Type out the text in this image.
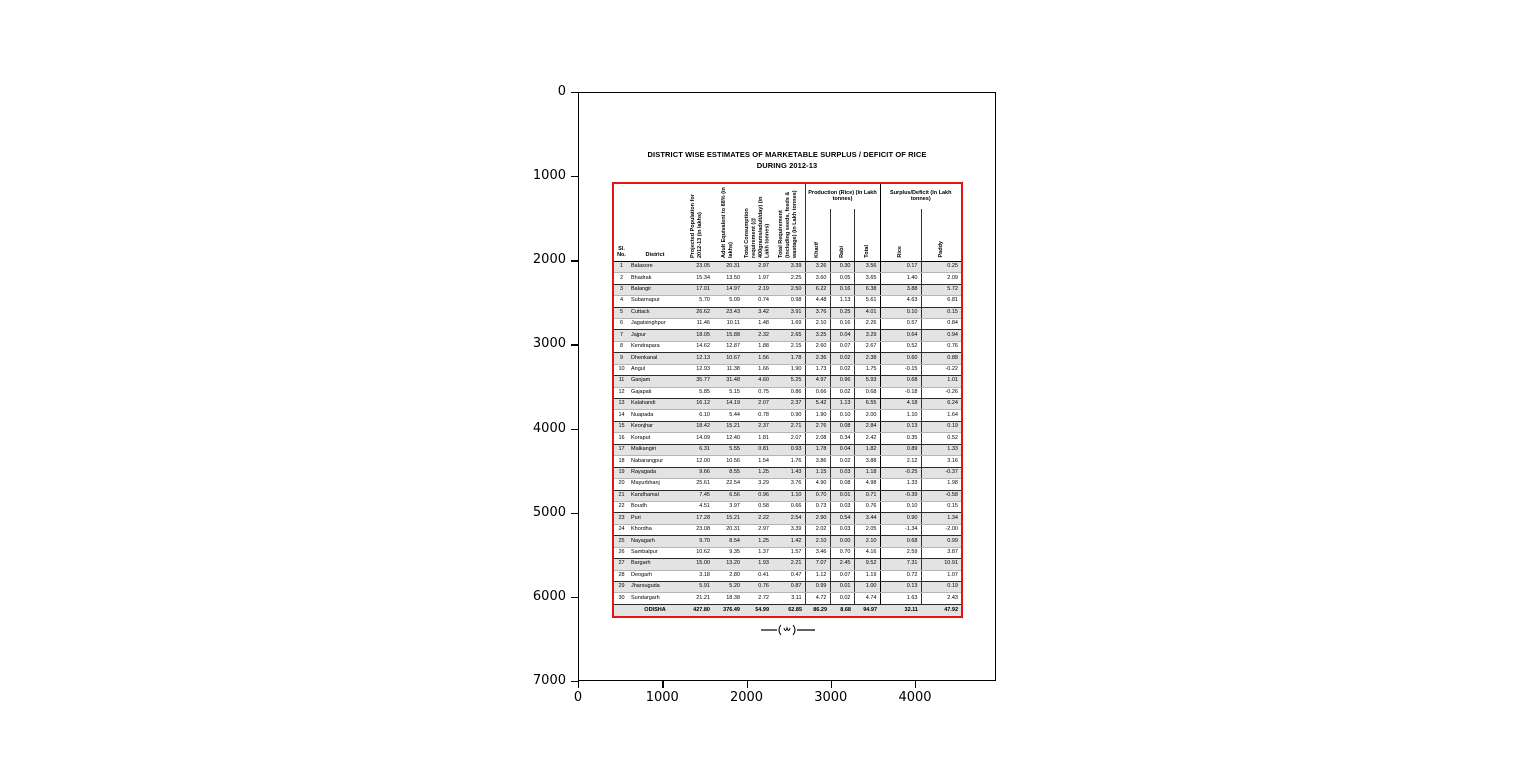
0
1000
2000
3000
4000
5000
6000
7000
0	1000	2000	3000	4000
DISTRICT WISE ESTIMATES OF MARKETABLE SURPLUS / DEFICIT OF RICE
DURING 2012-13
Sl. No.	District	Projected Population for 2012-13 (in lakhs)	Adult Equivalent to 88% (in lakhs)	Total Consumption requirement (@ 400grams/adult/day) (in Lakh tonnes)	Total Requirement (including seeds, feeds & wastage) (in Lakh tonnes)	Production (Rice) (In Lakh tonnes)			Surplus/Deficit (In Lakh tonnes)	
						Kharif	Rabi	Total	Rice	Paddy
1	Balasore	23.05	20.31	2.97	3.39	3.26	0.30	3.56	0.17	0.25
2	Bhadrak	15.34	13.50	1.97	2.25	3.60	0.05	3.65	1.40	2.09
3	Balangir	17.01	14.97	2.19	2.50	6.22	0.16	6.38	3.88	5.72
4	Subarnapur	5.70	5.09	0.74	0.98	4.48	1.13	5.61	4.63	6.81
5	Cuttack	26.62	23.43	3.42	3.91	3.76	0.25	4.01	0.10	0.15
6	Jagatsinghpur	11.46	10.11	1.48	1.69	2.10	0.16	2.26	0.57	0.84
7	Jajpur	18.05	15.88	2.32	2.65	3.25	0.04	3.29	0.64	0.94
8	Kendrapara	14.62	12.87	1.88	2.15	2.60	0.07	2.67	0.52	0.76
9	Dhenkanal	12.13	10.67	1.56	1.78	2.36	0.02	2.38	0.60	0.88
10	Angul	12.93	11.38	1.66	1.90	1.73	0.02	1.75	-0.15	-0.22
11	Ganjam	35.77	31.48	4.60	5.25	4.97	0.96	5.93	0.68	1.01
12	Gajapati	5.85	5.15	0.75	0.86	0.66	0.02	0.68	-0.18	-0.26
13	Kalahandi	16.12	14.19	2.07	2.37	5.42	1.13	6.55	4.18	6.24
14	Nuapada	6.10	5.44	0.78	0.90	1.90	0.10	2.00	1.10	1.64
15	Keonjhar	18.42	15.21	2.37	2.71	2.76	0.08	2.84	0.13	0.19
16	Koraput	14.09	12.40	1.81	2.07	2.08	0.34	2.42	0.35	0.52
17	Malkangiri	6.31	5.55	0.81	0.93	1.78	0.04	1.82	0.89	1.33
18	Nabarangpur	12.00	10.56	1.54	1.76	3.86	0.02	3.88	2.12	3.16
19	Rayagada	9.66	8.55	1.25	1.43	1.15	0.03	1.18	-0.25	-0.37
20	Mayurbhanj	25.61	22.54	3.29	3.76	4.90	0.08	4.98	1.33	1.98
21	Kandhamal	7.45	6.56	0.96	1.10	0.70	0.01	0.71	-0.39	-0.58
22	Boudh	4.51	3.97	0.58	0.66	0.73	0.03	0.76	0.10	0.15
23	Puri	17.28	15.21	2.22	2.54	2.90	0.54	3.44	0.90	1.34
24	Khordha	23.08	20.31	2.97	3.39	2.02	0.03	2.05	-1.34	-2.00
25	Nayagarh	9.70	8.54	1.25	1.42	2.10	0.00	2.10	0.68	0.99
26	Sambalpur	10.62	9.35	1.37	1.57	3.46	0.70	4.16	2.59	3.87
27	Bargarh	15.00	13.20	1.93	2.21	7.07	2.45	9.52	7.31	10.91
28	Deogarh	3.18	2.80	0.41	0.47	1.12	0.07	1.19	0.72	1.07
29	Jharsuguda	5.91	5.20	0.76	0.87	0.99	0.01	1.00	0.13	0.19
30	Sundargarh	21.21	18.38	2.72	3.11	4.72	0.02	4.74	1.63	2.43
	ODISHA	427.80	376.49	54.99	62.85	86.29	8.68	94.97	32.11	47.92
